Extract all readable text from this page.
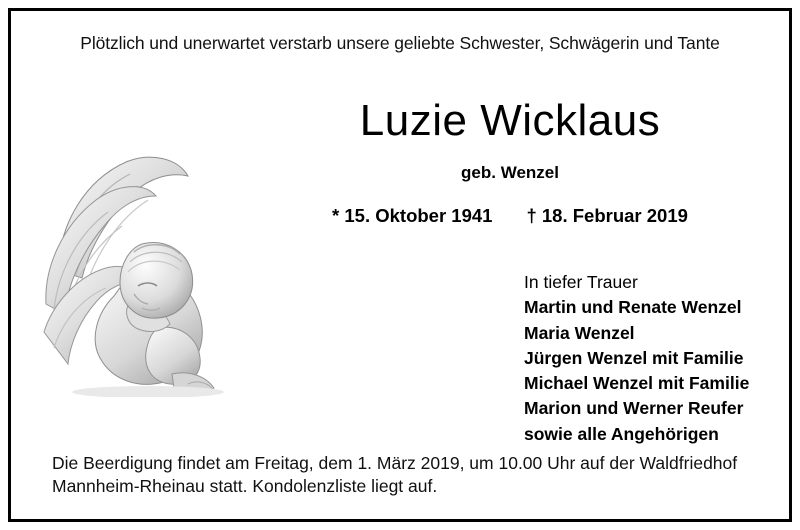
Plötzlich und unerwartet verstarb unsere geliebte Schwester, Schwägerin und Tante
Luzie Wicklaus
geb. Wenzel
* 15. Oktober 1941 † 18. Februar 2019
In tiefer Trauer
Martin und Renate Wenzel
Maria Wenzel
Jürgen Wenzel mit Familie
Michael Wenzel mit Familie
Marion und Werner Reufer
sowie alle Angehörigen
Die Beerdigung findet am Freitag, dem 1. März 2019, um 10.00 Uhr auf der Waldfriedhof
Mannheim-Rheinau statt. Kondolenzliste liegt auf.
